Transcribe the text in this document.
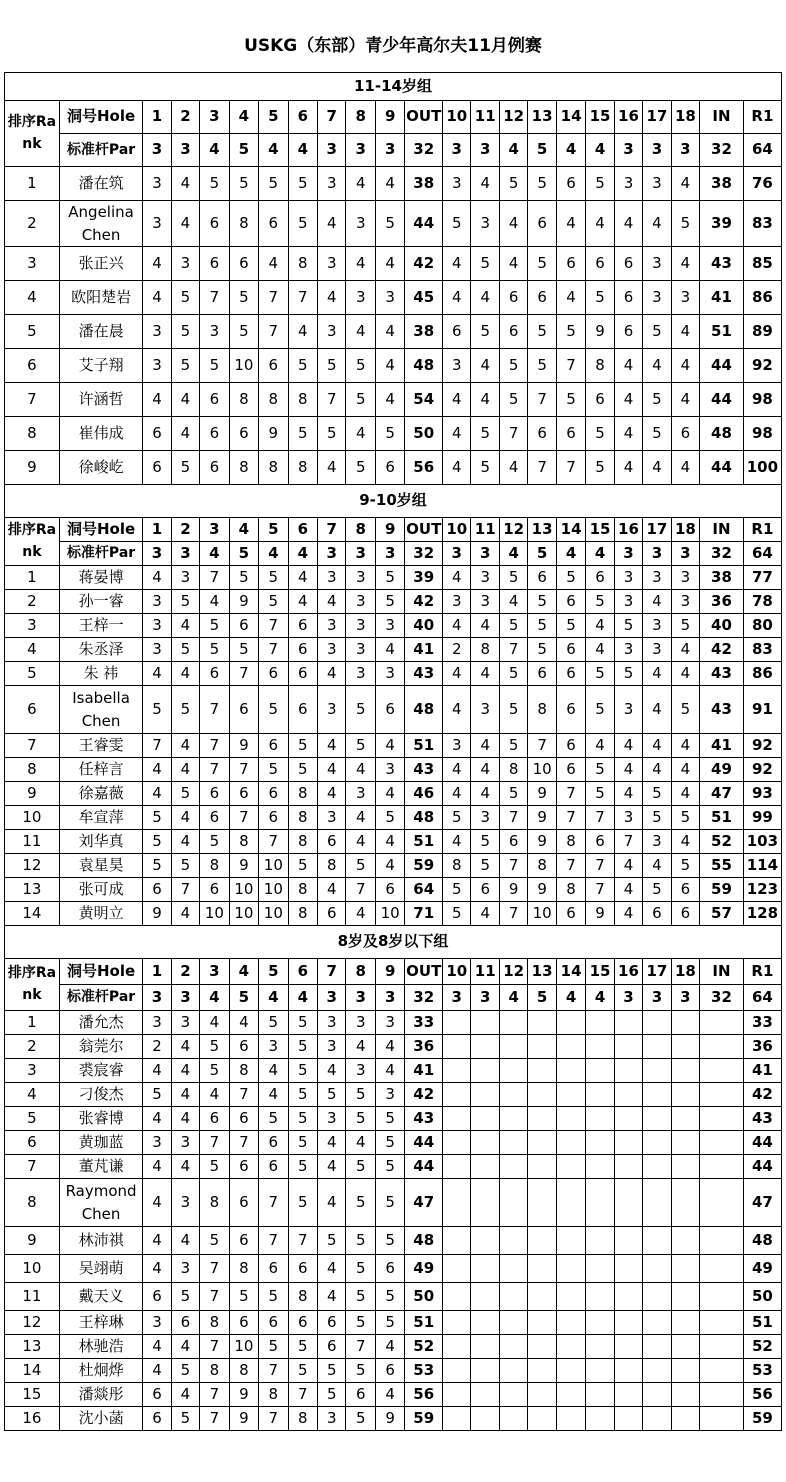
USKG（东部）青少年高尔夫11月例赛
11-14岁组																						
排序Rank	洞号Hole	1	2	3	4	5	6	7	8	9	OUT	10	11	12	13	14	15	16	17	18	IN	R1
	标准杆Par	3	3	4	5	4	4	3	3	3	32	3	3	4	5	4	4	3	3	3	32	64
1	潘在筑	3	4	5	5	5	5	3	4	4	38	3	4	5	5	6	5	3	3	4	38	76
2	Angelina Chen	3	4	6	8	6	5	4	3	5	44	5	3	4	6	4	4	4	4	5	39	83
3	张正兴	4	3	6	6	4	8	3	4	4	42	4	5	4	5	6	6	6	3	4	43	85
4	欧阳楚岩	4	5	7	5	7	7	4	3	3	45	4	4	6	6	4	5	6	3	3	41	86
5	潘在晨	3	5	3	5	7	4	3	4	4	38	6	5	6	5	5	9	6	5	4	51	89
6	艾子翔	3	5	5	10	6	5	5	5	4	48	3	4	5	5	7	8	4	4	4	44	92
7	许涵哲	4	4	6	8	8	8	7	5	4	54	4	4	5	7	5	6	4	5	4	44	98
8	崔伟成	6	4	6	6	9	5	5	4	5	50	4	5	7	6	6	5	4	5	6	48	98
9	徐峻屹	6	5	6	8	8	8	4	5	6	56	4	5	4	7	7	5	4	4	4	44	100
9-10岁组																						
排序Rank	洞号Hole	1	2	3	4	5	6	7	8	9	OUT	10	11	12	13	14	15	16	17	18	IN	R1
	标准杆Par	3	3	4	5	4	4	3	3	3	32	3	3	4	5	4	4	3	3	3	32	64
1	蒋晏博	4	3	7	5	5	4	3	3	5	39	4	3	5	6	5	6	3	3	3	38	77
2	孙一睿	3	5	4	9	5	4	4	3	5	42	3	3	4	5	6	5	3	4	3	36	78
3	王梓一	3	4	5	6	7	6	3	3	3	40	4	4	5	5	5	4	5	3	5	40	80
4	朱丞泽	3	5	5	5	7	6	3	3	4	41	2	8	7	5	6	4	3	3	4	42	83
5	朱 祎	4	4	6	7	6	6	4	3	3	43	4	4	5	6	6	5	5	4	4	43	86
6	Isabella Chen	5	5	7	6	5	6	3	5	6	48	4	3	5	8	6	5	3	4	5	43	91
7	王睿雯	7	4	7	9	6	5	4	5	4	51	3	4	5	7	6	4	4	4	4	41	92
8	任梓言	4	4	7	7	5	5	4	4	3	43	4	4	8	10	6	5	4	4	4	49	92
9	徐嘉薇	4	5	6	6	6	8	4	3	4	46	4	4	5	9	7	5	4	5	4	47	93
10	牟宣萍	5	4	6	7	6	8	3	4	5	48	5	3	7	9	7	7	3	5	5	51	99
11	刘华真	5	4	5	8	7	8	6	4	4	51	4	5	6	9	8	6	7	3	4	52	103
12	袁星昊	5	5	8	9	10	5	8	5	4	59	8	5	7	8	7	7	4	4	5	55	114
13	张可成	6	7	6	10	10	8	4	7	6	64	5	6	9	9	8	7	4	5	6	59	123
14	黄明立	9	4	10	10	10	8	6	4	10	71	5	4	7	10	6	9	4	6	6	57	128
8岁及8岁以下组																						
排序Rank	洞号Hole	1	2	3	4	5	6	7	8	9	OUT	10	11	12	13	14	15	16	17	18	IN	R1
	标准杆Par	3	3	4	5	4	4	3	3	3	32	3	3	4	5	4	4	3	3	3	32	64
1	潘允杰	3	3	4	4	5	5	3	3	3	33											33
2	翁莞尔	2	4	5	6	3	5	3	4	4	36											36
3	裘宸睿	4	4	5	8	4	5	4	3	4	41											41
4	刁俊杰	5	4	4	7	4	5	5	5	3	42											42
5	张睿博	4	4	6	6	5	5	3	5	5	43											43
6	黄珈蓝	3	3	7	7	6	5	4	4	5	44											44
7	董芃谦	4	4	5	6	6	5	4	5	5	44											44
8	Raymond Chen	4	3	8	6	7	5	4	5	5	47											47
9	林沛祺	4	4	5	6	7	7	5	5	5	48											48
10	吴翊萌	4	3	7	8	6	6	4	5	6	49											49
11	戴天义	6	5	7	5	5	8	4	5	5	50											50
12	王梓琳	3	6	8	6	6	6	6	5	5	51											51
13	林驰浩	4	4	7	10	5	5	6	7	4	52											52
14	杜炯烨	4	5	8	8	7	5	5	5	6	53											53
15	潘燚彤	6	4	7	9	8	7	5	6	4	56											56
16	沈小菡	6	5	7	9	7	8	3	5	9	59											59
